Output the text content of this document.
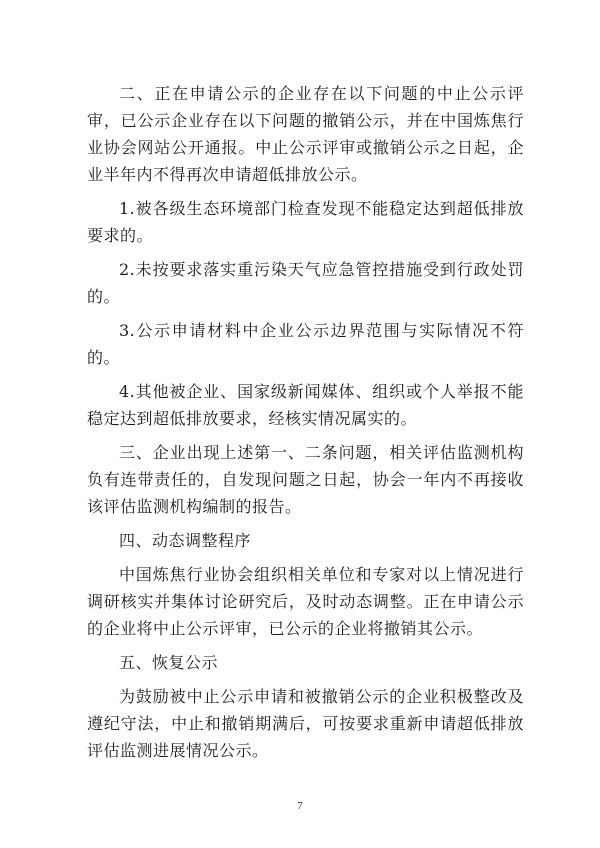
二、正在申请公示的企业存在以下问题的中止公示评审，已公示企业存在以下问题的撤销公示，并在中国炼焦行业协会网站公开通报。中止公示评审或撤销公示之日起，企业半年内不得再次申请超低排放公示。

1.被各级生态环境部门检查发现不能稳定达到超低排放要求的。

2.未按要求落实重污染天气应急管控措施受到行政处罚的。

3.公示申请材料中企业公示边界范围与实际情况不符的。

4.其他被企业、国家级新闻媒体、组织或个人举报不能稳定达到超低排放要求，经核实情况属实的。

三、企业出现上述第一、二条问题，相关评估监测机构负有连带责任的，自发现问题之日起，协会一年内不再接收该评估监测机构编制的报告。

四、动态调整程序

中国炼焦行业协会组织相关单位和专家对以上情况进行调研核实并集体讨论研究后，及时动态调整。正在申请公示的企业将中止公示评审，已公示的企业将撤销其公示。

五、恢复公示

为鼓励被中止公示申请和被撤销公示的企业积极整改及遵纪守法，中止和撤销期满后，可按要求重新申请超低排放评估监测进展情况公示。

7
